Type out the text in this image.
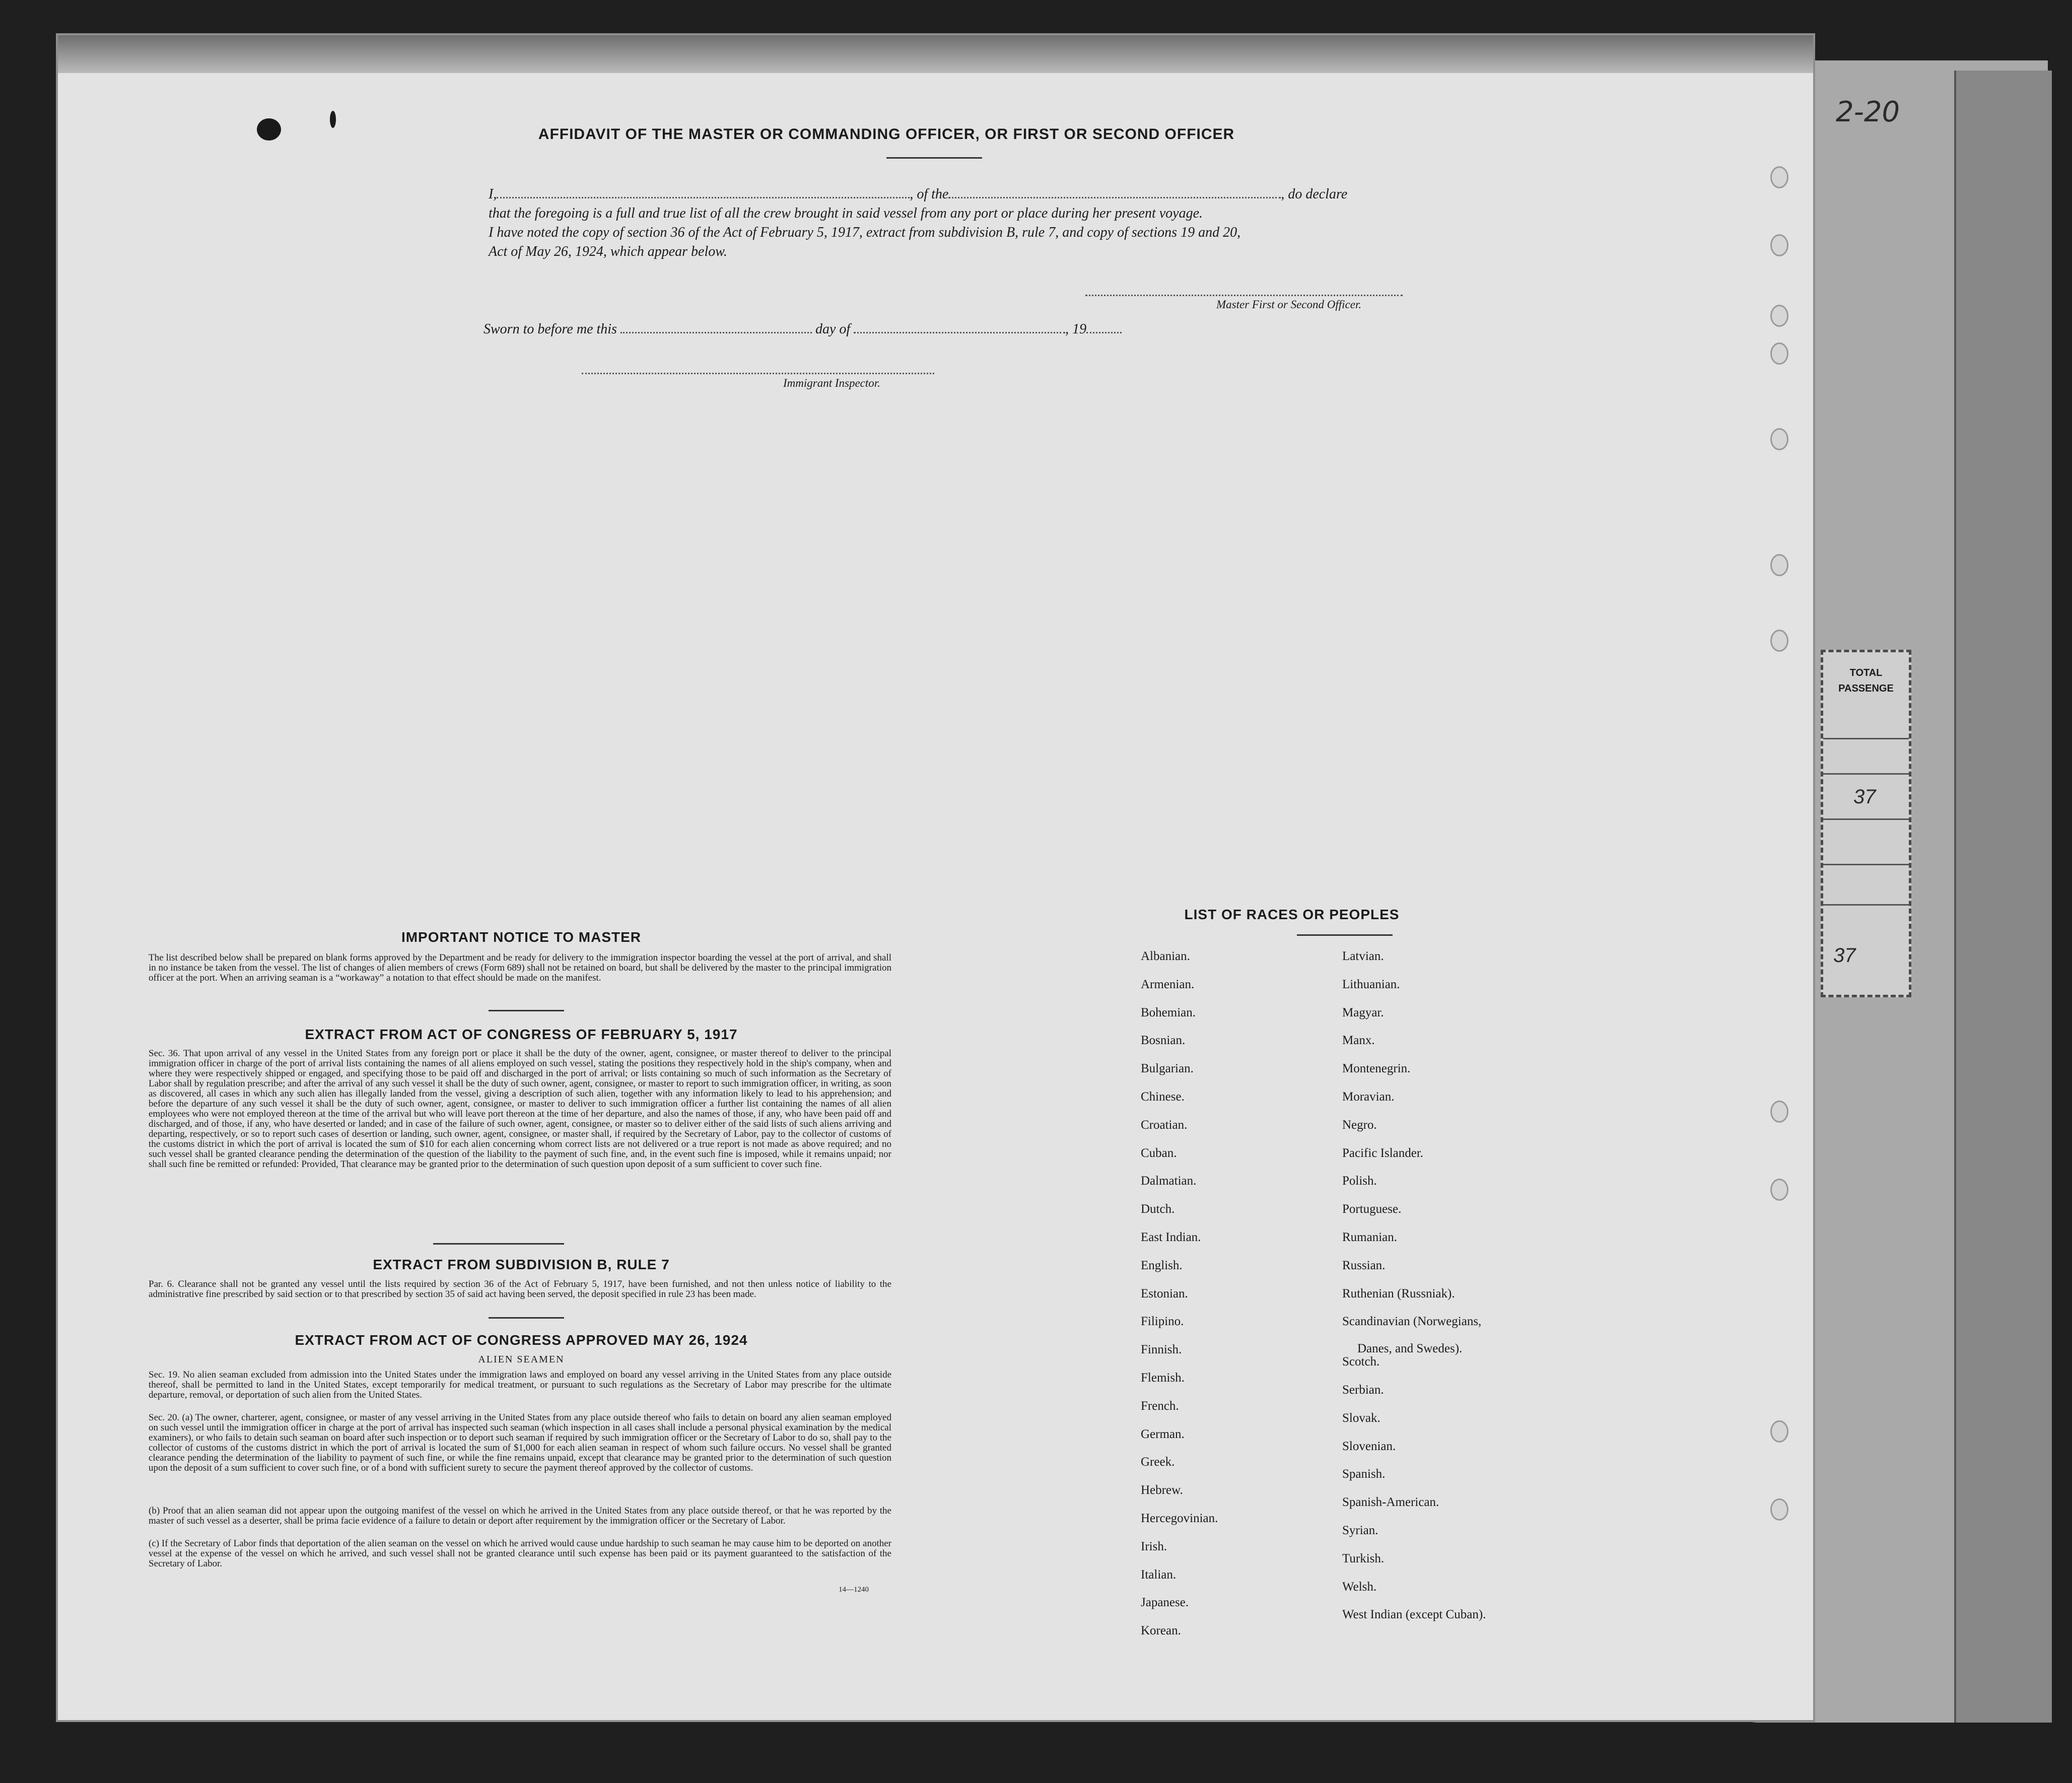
TOTAL
PASSENGE
37
37
2-20
AFFIDAVIT OF THE MASTER OR COMMANDING OFFICER, OR FIRST OR SECOND OFFICER
I,	, of the	, do declare
that the foregoing is a full and true list of all the crew brought in said vessel from any port or place during her present voyage.
I have noted the copy of section 36 of the Act of February 5, 1917, extract from subdivision B, rule 7, and copy of sections 19 and 20,
Act of May 26, 1924, which appear below.
Master First or Second Officer.
Sworn to before me this	day of	, 19
Immigrant Inspector.
IMPORTANT NOTICE TO MASTER
The list described below shall be prepared on blank forms approved by the Department and be ready for delivery to the immigration inspector boarding the vessel at the port of arrival, and shall in no instance be taken from the vessel. The list of changes of alien members of crews (Form 689) shall not be retained on board, but shall be delivered by the master to the principal immigration officer at the port. When an arriving seaman is a “workaway” a notation to that effect should be made on the manifest.
EXTRACT FROM ACT OF CONGRESS OF FEBRUARY 5, 1917
Sec. 36. That upon arrival of any vessel in the United States from any foreign port or place it shall be the duty of the owner, agent, consignee, or master thereof to deliver to the principal immigration officer in charge of the port of arrival lists containing the names of all aliens employed on such vessel, stating the positions they respectively hold in the ship's company, when and where they were respectively shipped or engaged, and specifying those to be paid off and discharged in the port of arrival; or lists containing so much of such information as the Secretary of Labor shall by regulation prescribe; and after the arrival of any such vessel it shall be the duty of such owner, agent, consignee, or master to report to such immigration officer, in writing, as soon as discovered, all cases in which any such alien has illegally landed from the vessel, giving a description of such alien, together with any information likely to lead to his apprehension; and before the departure of any such vessel it shall be the duty of such owner, agent, consignee, or master to deliver to such immigration officer a further list containing the names of all alien employees who were not employed thereon at the time of the arrival but who will leave port thereon at the time of her departure, and also the names of those, if any, who have been paid off and discharged, and of those, if any, who have deserted or landed; and in case of the failure of such owner, agent, consignee, or master so to deliver either of the said lists of such aliens arriving and departing, respectively, or so to report such cases of desertion or landing, such owner, agent, consignee, or master shall, if required by the Secretary of Labor, pay to the collector of customs of the customs district in which the port of arrival is located the sum of $10 for each alien concerning whom correct lists are not delivered or a true report is not made as above required; and no such vessel shall be granted clearance pending the determination of the question of the liability to the payment of such fine, and, in the event such fine is imposed, while it remains unpaid; nor shall such fine be remitted or refunded: Provided, That clearance may be granted prior to the determination of such question upon deposit of a sum sufficient to cover such fine.
EXTRACT FROM SUBDIVISION B, RULE 7
Par. 6. Clearance shall not be granted any vessel until the lists required by section 36 of the Act of February 5, 1917, have been furnished, and not then unless notice of liability to the administrative fine prescribed by said section or to that prescribed by section 35 of said act having been served, the deposit specified in rule 23 has been made.
EXTRACT FROM ACT OF CONGRESS APPROVED MAY 26, 1924
ALIEN SEAMEN
Sec. 19. No alien seaman excluded from admission into the United States under the immigration laws and employed on board any vessel arriving in the United States from any place outside thereof, shall be permitted to land in the United States, except temporarily for medical treatment, or pursuant to such regulations as the Secretary of Labor may prescribe for the ultimate departure, removal, or deportation of such alien from the United States.
Sec. 20. (a) The owner, charterer, agent, consignee, or master of any vessel arriving in the United States from any place outside thereof who fails to detain on board any alien seaman employed on such vessel until the immigration officer in charge at the port of arrival has inspected such seaman (which inspection in all cases shall include a personal physical examination by the medical examiners), or who fails to detain such seaman on board after such inspection or to deport such seaman if required by such immigration officer or the Secretary of Labor to do so, shall pay to the collector of customs of the customs district in which the port of arrival is located the sum of $1,000 for each alien seaman in respect of whom such failure occurs. No vessel shall be granted clearance pending the determination of the liability to payment of such fine, or while the fine remains unpaid, except that clearance may be granted prior to the determination of such question upon the deposit of a sum sufficient to cover such fine, or of a bond with sufficient surety to secure the payment thereof approved by the collector of customs.
(b) Proof that an alien seaman did not appear upon the outgoing manifest of the vessel on which he arrived in the United States from any place outside thereof, or that he was reported by the master of such vessel as a deserter, shall be prima facie evidence of a failure to detain or deport after requirement by the immigration officer or the Secretary of Labor.
(c) If the Secretary of Labor finds that deportation of the alien seaman on the vessel on which he arrived would cause undue hardship to such seaman he may cause him to be deported on another vessel at the expense of the vessel on which he arrived, and such vessel shall not be granted clearance until such expense has been paid or its payment guaranteed to the satisfaction of the Secretary of Labor.
14—1240
LIST OF RACES OR PEOPLES
Albanian.
Armenian.
Bohemian.
Bosnian.
Bulgarian.
Chinese.
Croatian.
Cuban.
Dalmatian.
Dutch.
East Indian.
English.
Estonian.
Filipino.
Finnish.
Flemish.
French.
German.
Greek.
Hebrew.
Hercegovinian.
Irish.
Italian.
Japanese.
Korean.
Latvian.
Lithuanian.
Magyar.
Manx.
Montenegrin.
Moravian.
Negro.
Pacific Islander.
Polish.
Portuguese.
Rumanian.
Russian.
Ruthenian (Russniak).
Scandinavian (Norwegians,
Danes, and Swedes).
Scotch.
Serbian.
Slovak.
Slovenian.
Spanish.
Spanish-American.
Syrian.
Turkish.
Welsh.
West Indian (except Cuban).
